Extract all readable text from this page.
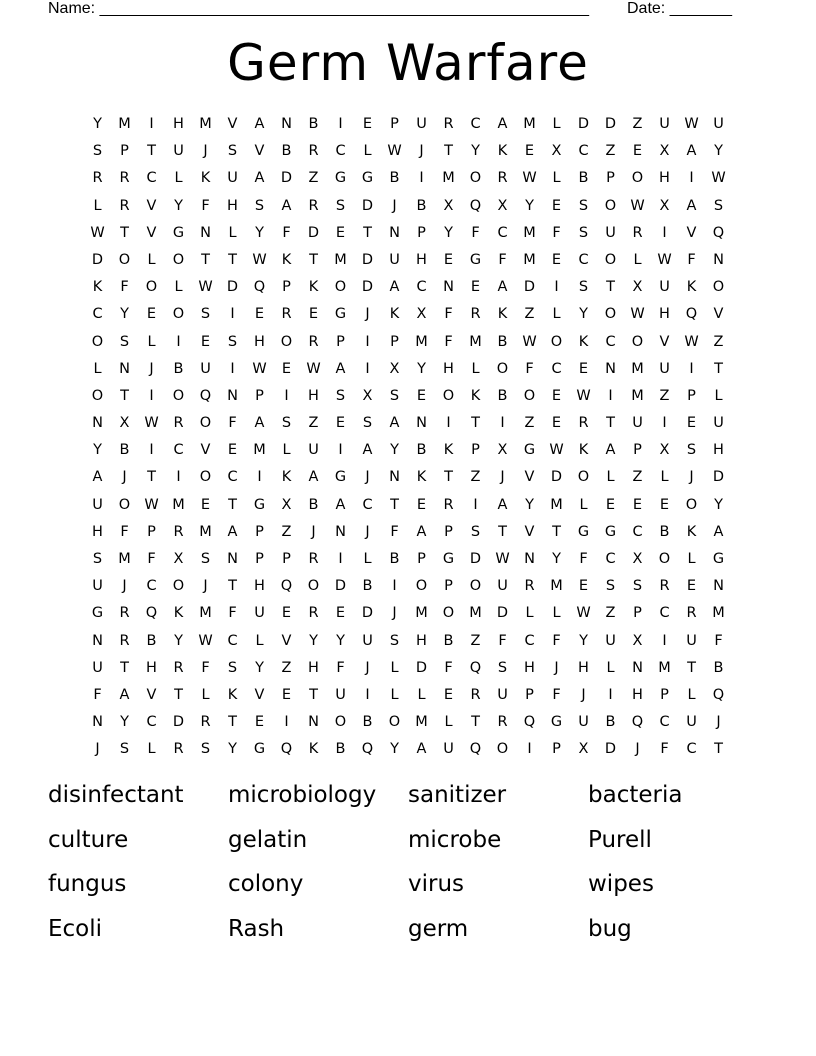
Name: _______________________________________________________ Date: _______
Germ Warfare
Y	M	I	H	M	V	A	N	B	I	E	P	U	R	C	A	M	L	D	D	Z	U	W	U
S	P	T	U	J	S	V	B	R	C	L	W	J	T	Y	K	E	X	C	Z	E	X	A	Y
R	R	C	L	K	U	A	D	Z	G	G	B	I	M	O	R	W	L	B	P	O	H	I	W
L	R	V	Y	F	H	S	A	R	S	D	J	B	X	Q	X	Y	E	S	O W	X	A	S
W	T	V	G	N	L	Y	F	D	E	T	N	P	Y	F	C	M	F	S	U	R	I	V	Q
D	O	L	O	T	T	W	K	T	M	D	U	H	E	G	F	M	E	C	O	L	W	F	N
K	F	O	L	W D	Q	P	K	O	D	A	C	N	E	A	D	I	S	T	X	U	K	O
C	Y	E	O	S	I	E	R	E	G	J	K	X	F	R	K	Z	L	Y	O W H	Q	V
O	S	L	I	E	S	H	O	R	P	I	P	M	F	M	B	W O	K	C	O	V	W	Z
L	N	J	B	U	I	W	E	W	A	I	X	Y	H	L	O	F	C	E	N	M	U	I	T
O	T	I	O	Q	N	P	I	H	S	X	S	E	O	K	B	O	E	W	I	M	Z	P	L
N	X	W	R	O	F	A	S	Z	E	S	A	N	I	T	I	Z	E	R	T	U	I	E	U
Y	B	I	C	V	E	M	L	U	I	A	Y	B	K	P	X	G W	K	A	P	X	S	H
A	J	T	I	O	C	I	K	A	G	J	N	K	T	Z	J	V	D	O	L	Z	L	J	D
U	O W M	E	T	G	X	B	A	C	T	E	R	I	A	Y	M	L	E	E	E	O	Y
H	F	P	R	M	A	P	Z	J	N	J	F	A	P	S	T	V	T	G	G	C	B	K	A
S	M	F	X	S	N	P	P	R	I	L	B	P	G	D W N	Y	F	C	X	O	L	G
U	J	C	O	J	T	H	Q	O	D	B	I	O	P	O	U	R	M	E	S	S	R	E	N
G	R	Q	K	M	F	U	E	R	E	D	J	M	O	M	D	L	L	W	Z	P	C	R	M
N	R	B	Y	W	C	L	V	Y	Y	U	S	H	B	Z	F	C	F	Y	U	X	I	U	F
U	T	H	R	F	S	Y	Z	H	F	J	L	D	F	Q	S	H	J	H	L	N	M	T	B
F	A	V	T	L	K	V	E	T	U	I	L	L	E	R	U	P	F	J	I	H	P	L	Q
N	Y	C	D	R	T	E	I	N	O	B	O	M	L	T	R	Q	G	U	B	Q	C	U	J
J	S	L	R	S	Y	G	Q	K	B	Q	Y	A	U	Q	O	I	P	X	D	J	F	C	T
disinfectant	microbiology	sanitizer	bacteria
culture	gelatin	microbe	Purell
fungus	colony	virus	wipes
Ecoli	Rash	germ	bug
